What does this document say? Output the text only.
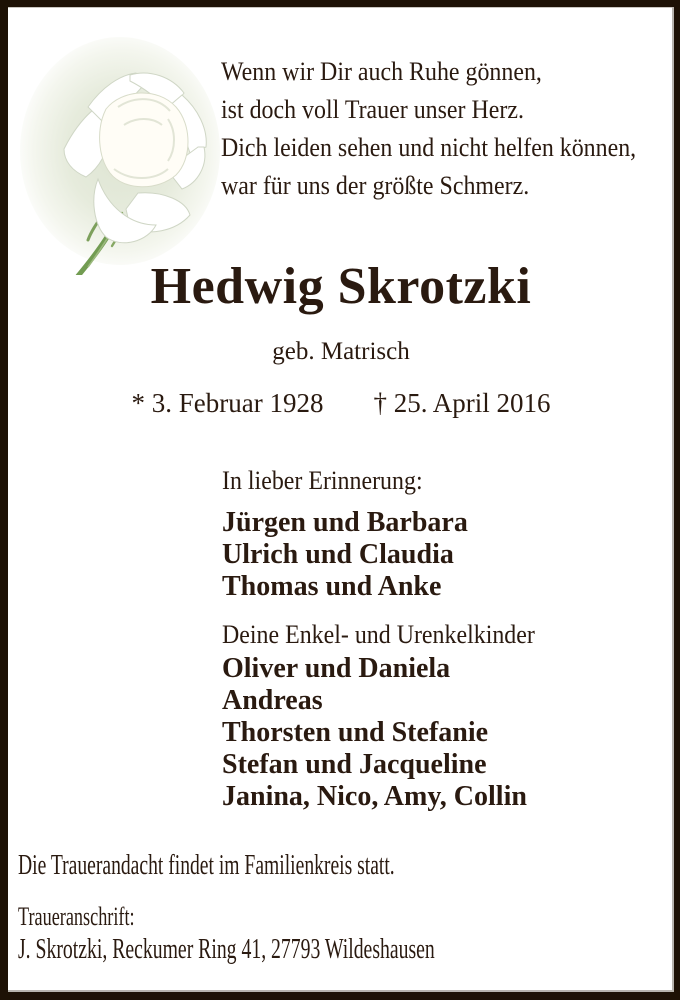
Wenn wir Dir auch Ruhe gönnen,
ist doch voll Trauer unser Herz.
Dich leiden sehen und nicht helfen können,
war für uns der größte Schmerz.
Hedwig Skrotzki
geb. Matrisch
* 3. Februar 1928 † 25. April 2016
In lieber Erinnerung:
Jürgen und Barbara
Ulrich und Claudia
Thomas und Anke
Deine Enkel- und Urenkelkinder
Oliver und Daniela
Andreas
Thorsten und Stefanie
Stefan und Jacqueline
Janina, Nico, Amy, Collin
Die Trauerandacht findet im Familienkreis statt.
Traueranschrift:
J. Skrotzki, Reckumer Ring 41, 27793 Wildeshausen
